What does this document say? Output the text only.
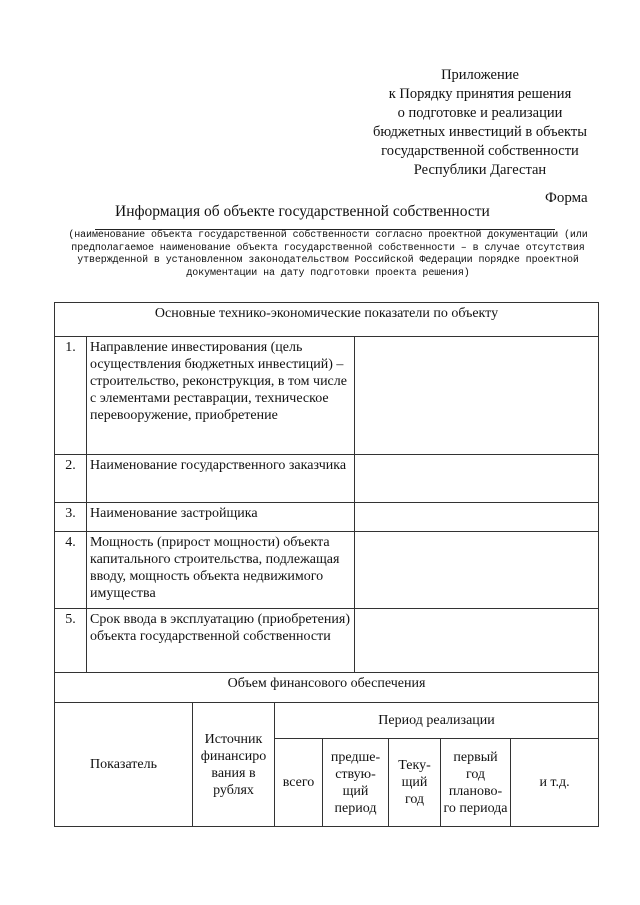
Приложение
к Порядку принятия решения
о подготовке и реализации
бюджетных инвестиций в объекты
государственной собственности
Республики Дагестан
Форма
Информация об объекте государственной собственности
(наименование объекта государственной собственности согласно проектной документации (или предполагаемое наименование объекта государственной собственности – в случае отсутствия утвержденной в установленном законодательством Российской Федерации порядке проектной документации на дату подготовки проекта решения)
Основные технико-экономические показатели по объекту		
1.	Направление инвестирования (цель осуществления бюджетных инвестиций) – строительство, реконструкция, в том числе с элементами реставрации, техническое перевооружение, приобретение	
2.	Наименование государственного заказчика	
3.	Наименование застройщика	
4.	Мощность (прирост мощности) объекта капитального строительства, подлежащая вводу, мощность объекта недвижимого имущества	
5.	Срок ввода в эксплуатацию (приобретения) объекта государственной собственности	
Объем финансового обеспечения		
Показатель	Источник финансиро вания в рублях	Период реализации				
		всего	предше- ствую- щий период	Теку- щий год	первый год планово- го периода	и т.д.
